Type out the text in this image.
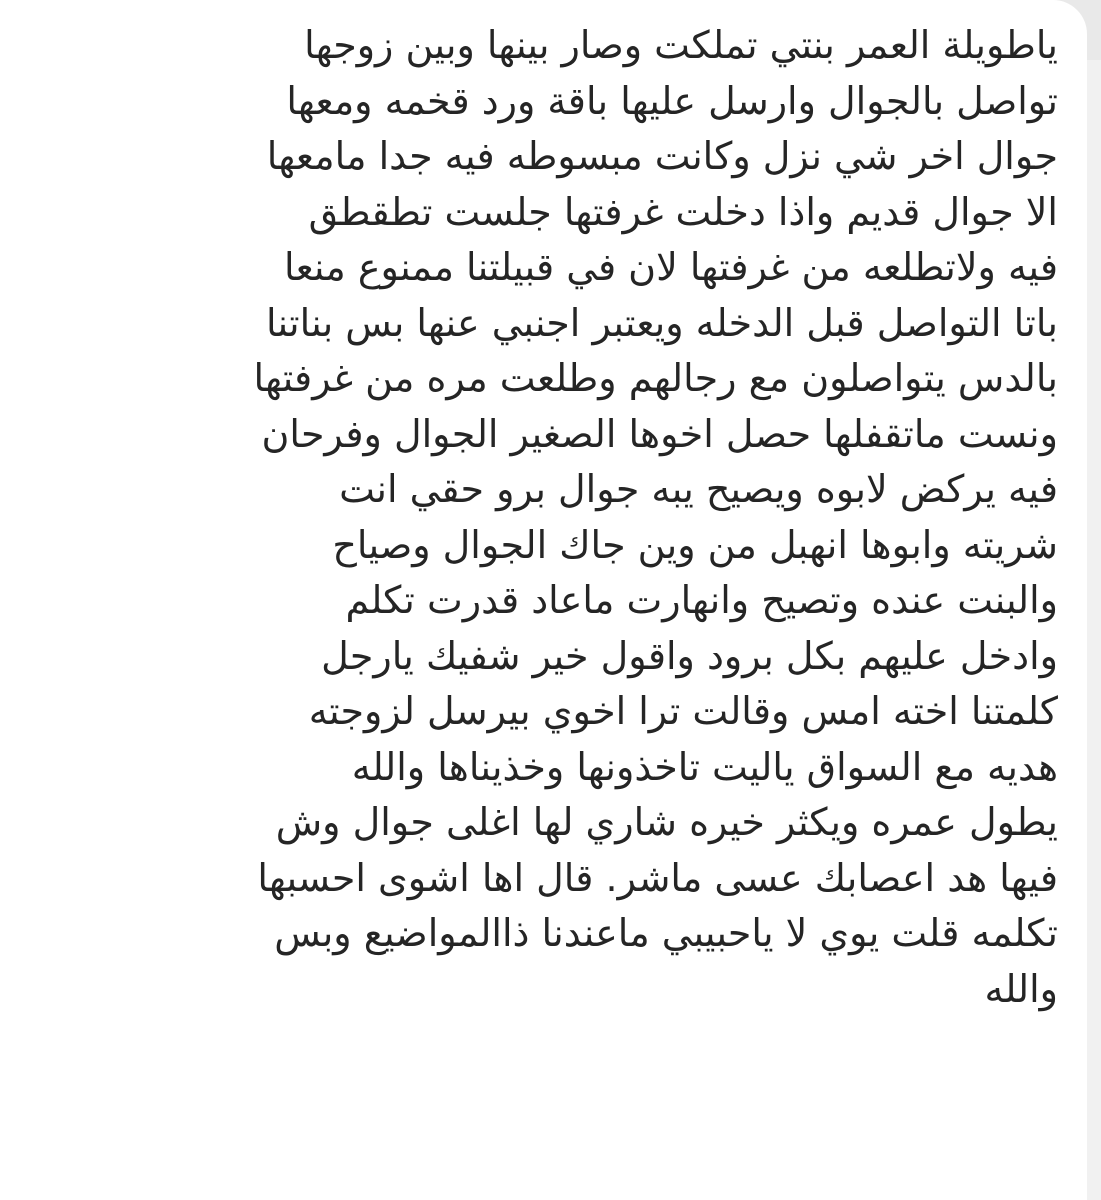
ياطويلة العمر بنتي تملكت وصار بينها وبين زوجها
تواصل بالجوال وارسل عليها باقة ورد قخمه ومعها
جوال اخر شي نزل وكانت مبسوطه فيه جدا مامعها
الا جوال قديم واذا دخلت غرفتها جلست تطقطق
فيه ولاتطلعه من غرفتها لان في قبيلتنا ممنوع منعا
باتا التواصل قبل الدخله ويعتبر اجنبي عنها بس بناتنا
بالدس يتواصلون مع رجالهم وطلعت مره من غرفتها
ونست ماتقفلها حصل اخوها الصغير الجوال وفرحان
فيه يركض لابوه ويصيح يبه جوال برو حقي انت
شريته وابوها انهبل من وين جاك الجوال وصياح
والبنت عنده وتصيح وانهارت ماعاد قدرت تكلم
وادخل عليهم بكل برود واقول خير شفيك يارجل
كلمتنا اخته امس وقالت ترا اخوي بيرسل لزوجته
هديه مع السواق ياليت تاخذونها وخذيناها والله
يطول عمره ويكثر خيره شاري لها اغلى جوال وش
فيها هد اعصابك عسى ماشر. قال اها اشوى احسبها
تكلمه قلت يوي لا ياحبيبي ماعندنا ذاالمواضيع وبس
والله
